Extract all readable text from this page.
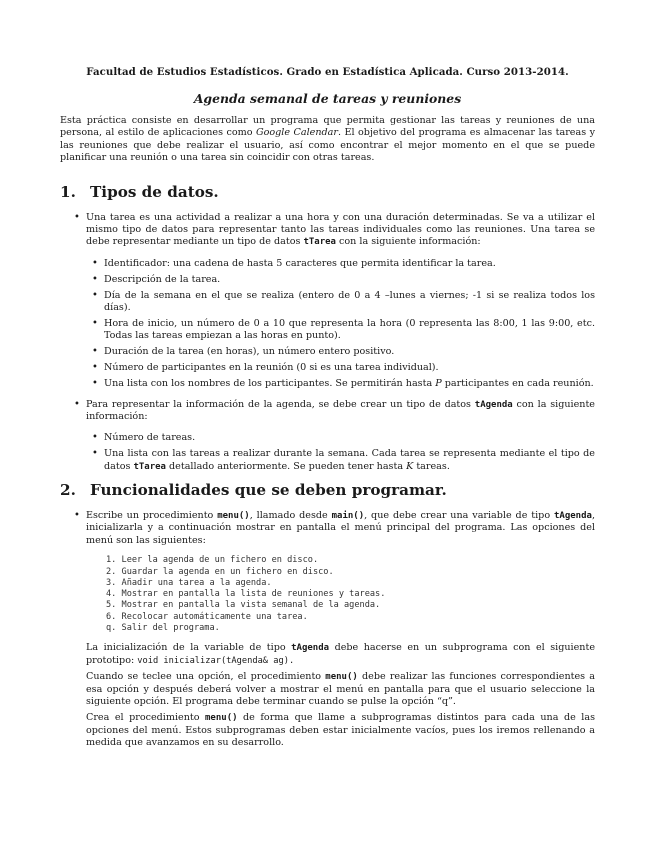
Facultad de Estudios Estadísticos. Grado en Estadística Aplicada. Curso 2013-2014.
Agenda semanal de tareas y reuniones

Esta práctica consiste en desarrollar un programa que permita gestionar las tareas y reuniones de una persona, al estilo de aplicaciones como Google Calendar. El objetivo del programa es almacenar las tareas y las reuniones que debe realizar el usuario, así como encontrar el mejor momento en el que se puede planificar una reunión o una tarea sin coincidir con otras tareas.

1. Tipos de datos.
• Una tarea es una actividad a realizar a una hora y con una duración determinadas. Se va a utilizar el mismo tipo de datos para representar tanto las tareas individuales como las reuniones. Una tarea se debe representar mediante un tipo de datos tTarea con la siguiente información:
• Identificador: una cadena de hasta 5 caracteres que permita identificar la tarea.
• Descripción de la tarea.
• Día de la semana en el que se realiza (entero de 0 a 4 –lunes a viernes; -1 si se realiza todos los días).
• Hora de inicio, un número de 0 a 10 que representa la hora (0 representa las 8:00, 1 las 9:00, etc. Todas las tareas empiezan a las horas en punto).
• Duración de la tarea (en horas), un número entero positivo.
• Número de participantes en la reunión (0 si es una tarea individual).
• Una lista con los nombres de los participantes. Se permitirán hasta P participantes en cada reunión.
• Para representar la información de la agenda, se debe crear un tipo de datos tAgenda con la siguiente información:
• Número de tareas.
• Una lista con las tareas a realizar durante la semana. Cada tarea se representa mediante el tipo de datos tTarea detallado anteriormente. Se pueden tener hasta K tareas.
2. Funcionalidades que se deben programar.
• Escribe un procedimiento menu(), llamado desde main(), que debe crear una variable de tipo tAgenda, inicializarla y a continuación mostrar en pantalla el menú principal del programa. Las opciones del menú son las siguientes:
1. Leer la agenda de un fichero en disco.
2. Guardar la agenda en un fichero en disco.
3. Añadir una tarea a la agenda.
4. Mostrar en pantalla la lista de reuniones y tareas.
5. Mostrar en pantalla la vista semanal de la agenda.
6. Recolocar automáticamente una tarea.
q. Salir del programa.

La inicialización de la variable de tipo tAgenda debe hacerse en un subprograma con el siguiente prototipo: void inicializar(tAgenda& ag).

Cuando se teclee una opción, el procedimiento menu() debe realizar las funciones correspondientes a esa opción y después deberá volver a mostrar el menú en pantalla para que el usuario seleccione la siguiente opción. El programa debe terminar cuando se pulse la opción “q”.

Crea el procedimiento menu() de forma que llame a subprogramas distintos para cada una de las opciones del menú. Estos subprogramas deben estar inicialmente vacíos, pues los iremos rellenando a medida que avanzamos en su desarrollo.
